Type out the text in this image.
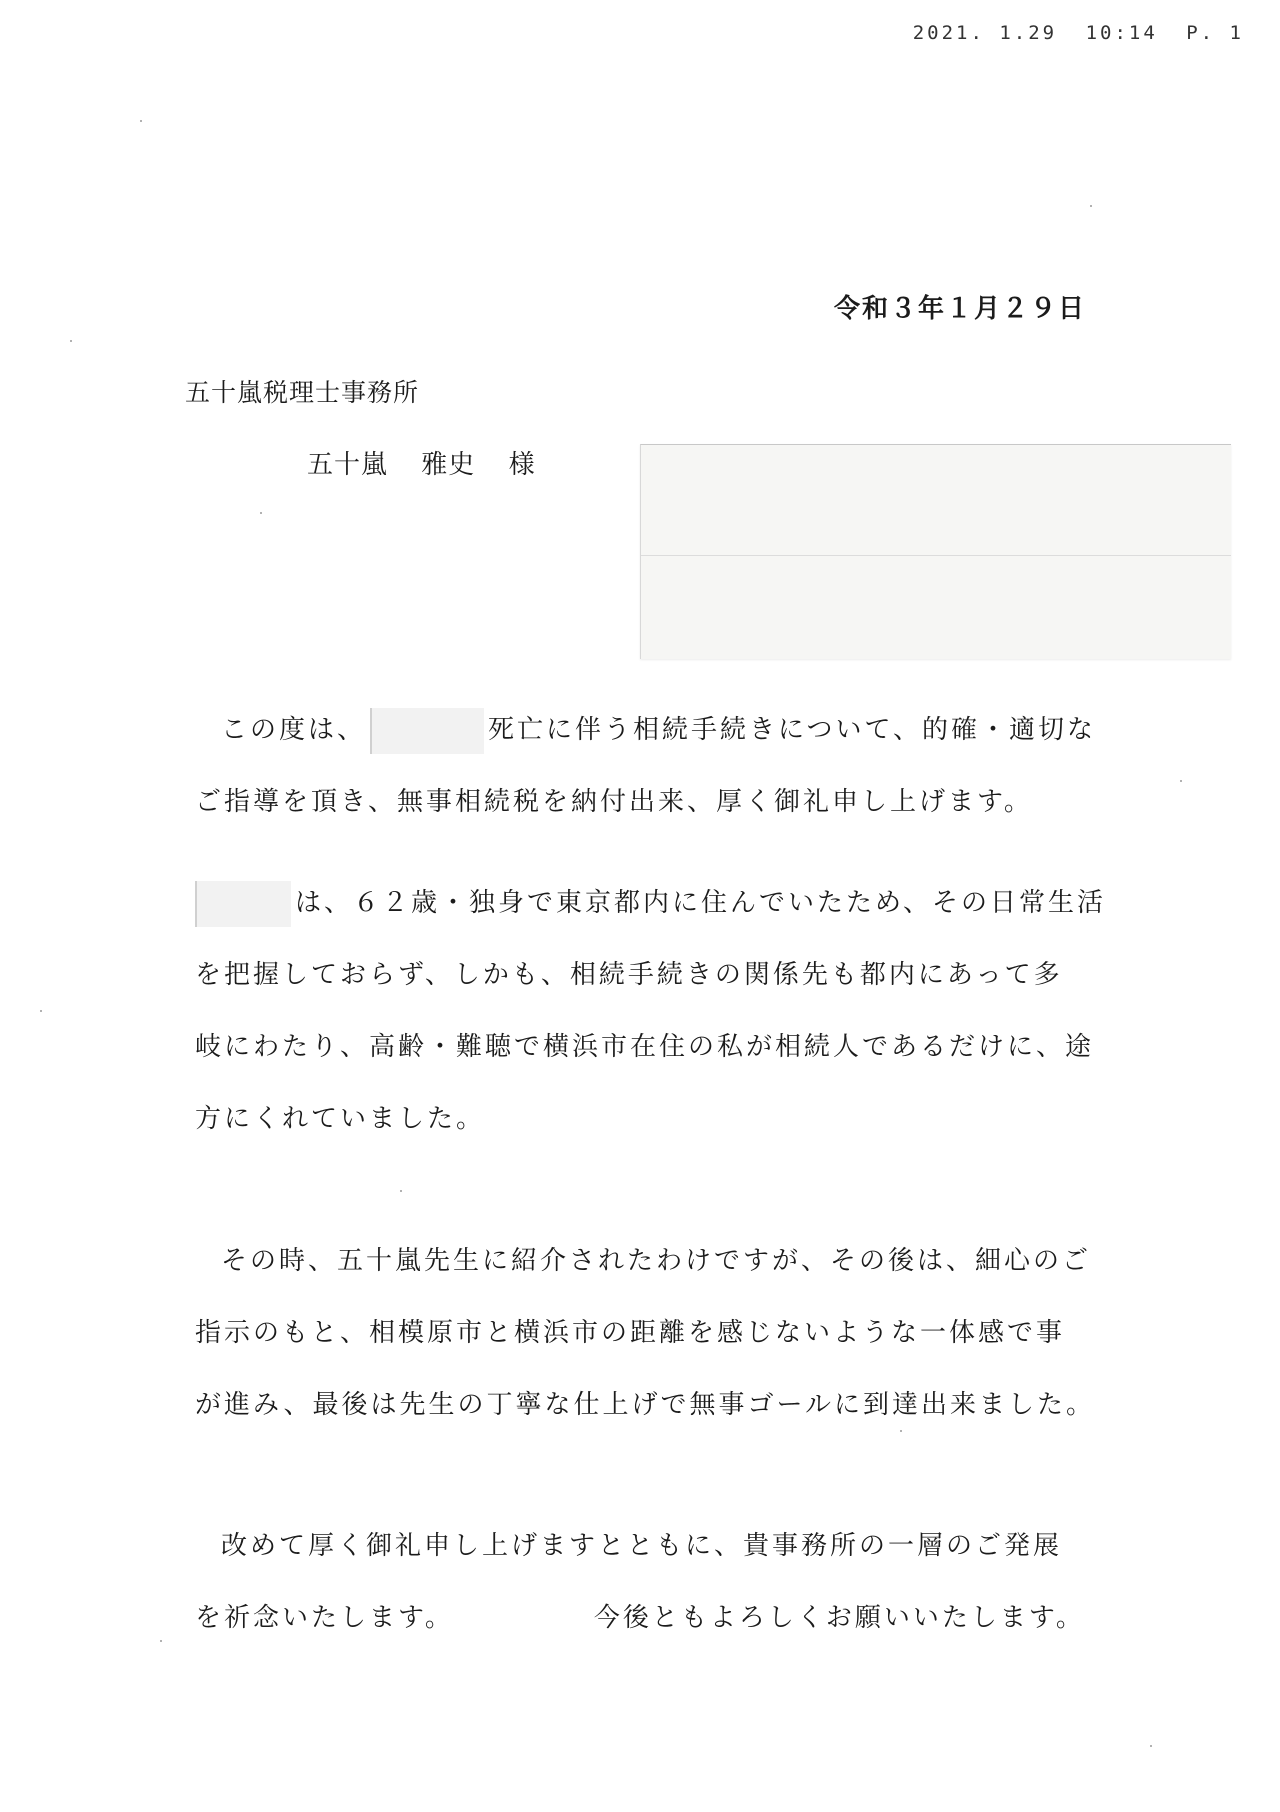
2021. 1.29 10:14 P. 1
令和３年１月２９日
五十嵐税理士事務所
五十嵐 雅史 様
この度は、	死亡に伴う相続手続きについて、的確・適切な
ご指導を頂き、無事相続税を納付出来、厚く御礼申し上げます。
は、６２歳・独身で東京都内に住んでいたため、その日常生活
を把握しておらず、しかも、相続手続きの関係先も都内にあって多
岐にわたり、高齢・難聴で横浜市在住の私が相続人であるだけに、途
方にくれていました。
その時、五十嵐先生に紹介されたわけですが、その後は、細心のご
指示のもと、相模原市と横浜市の距離を感じないような一体感で事
が進み、最後は先生の丁寧な仕上げで無事ゴールに到達出来ました。
改めて厚く御礼申し上げますとともに、貴事務所の一層のご発展
を祈念いたします。	今後ともよろしくお願いいたします。
